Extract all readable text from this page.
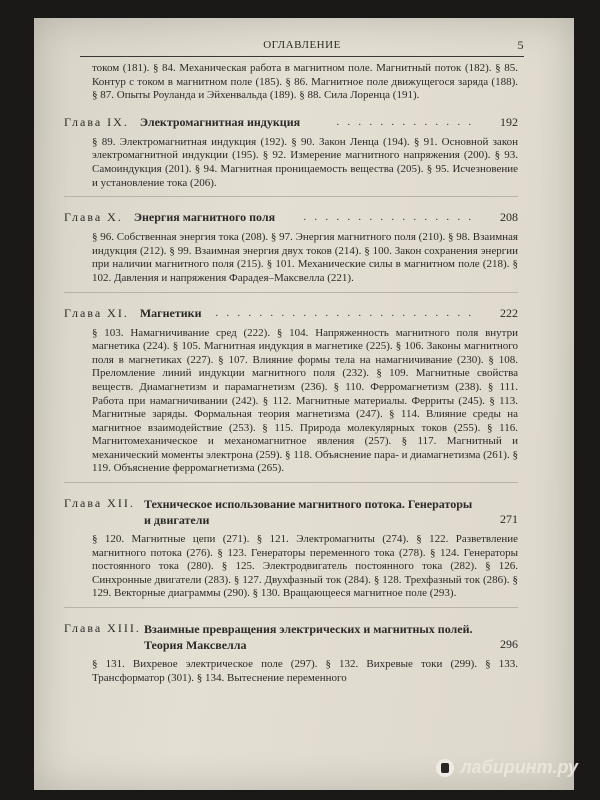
ОГЛАВЛЕНИЕ	5
током (181). § 84. Механическая работа в магнитном поле. Магнитный поток (182). § 85. Контур с током в магнитном поле (185). § 86. Магнитное поле движущегося заряда (188). § 87. Опыты Роуланда и Эйхенвальда (189). § 88. Сила Лоренца (191).
Глава IX. Электромагнитная индукция	. . . . . . . . . . . . . 192
§ 89. Электромагнитная индукция (192). § 90. Закон Ленца (194). § 91. Основной закон электромагнитной индукции (195). § 92. Измерение магнитного напряжения (200). § 93. Самоиндукция (201). § 94. Магнитная проницаемость вещества (205). § 95. Исчезновение и установление тока (206).
Глава X. Энергия магнитного поля	. . . . . . . . . . . . . . . . 208
§ 96. Собственная энергия тока (208). § 97. Энергия магнитного поля (210). § 98. Взаимная индукция (212). § 99. Взаимная энергия двух токов (214). § 100. Закон сохранения энергии при наличии магнитного поля (215). § 101. Механические силы в магнитном поле (218). § 102. Давления и напряжения Фарадея–Максвелла (221).
Глава XI. Магнетики . . . . . . . . . . . . . . . . . . . . . . . . 222
§ 103. Намагничивание сред (222). § 104. Напряженность магнитного поля внутри магнетика (224). § 105. Магнитная индукция в магнетике (225). § 106. Законы магнитного поля в магнетиках (227). § 107. Влияние формы тела на намагничивание (230). § 108. Преломление линий индукции магнитного поля (232). § 109. Магнитные свойства веществ. Диамагнетизм и парамагнетизм (236). § 110. Ферромагнетизм (238). § 111. Работа при намагничивании (242). § 112. Магнитные материалы. Ферриты (245). § 113. Магнитные заряды. Формальная теория магнетизма (247). § 114. Влияние среды на магнитное взаимодействие (253). § 115. Природа молекулярных токов (255). § 116. Магнитомеханическое и механомагнитное явления (257). § 117. Магнитный и механический моменты электрона (259). § 118. Объяснение пара- и диамагнетизма (261). § 119. Объяснение ферромагнетизма (265).
Глава XII. Техническое использование магнитного потока. Генераторы и двигатели	271
§ 120. Магнитные цепи (271). § 121. Электромагниты (274). § 122. Разветвление магнитного потока (276). § 123. Генераторы переменного тока (278). § 124. Генераторы постоянного тока (280). § 125. Электродвигатель постоянного тока (282). § 126. Синхронные двигатели (283). § 127. Двухфазный ток (284). § 128. Трехфазный ток (286). § 129. Векторные диаграммы (290). § 130. Вращающееся магнитное поле (293).
Глава XIII. Взаимные превращения электрических и магнитных полей. Теория Максвелла	296
§ 131. Вихревое электрическое поле (297). § 132. Вихревые токи (299). § 133. Трансформатор (301). § 134. Вытеснение переменного
лабиринт.ру
